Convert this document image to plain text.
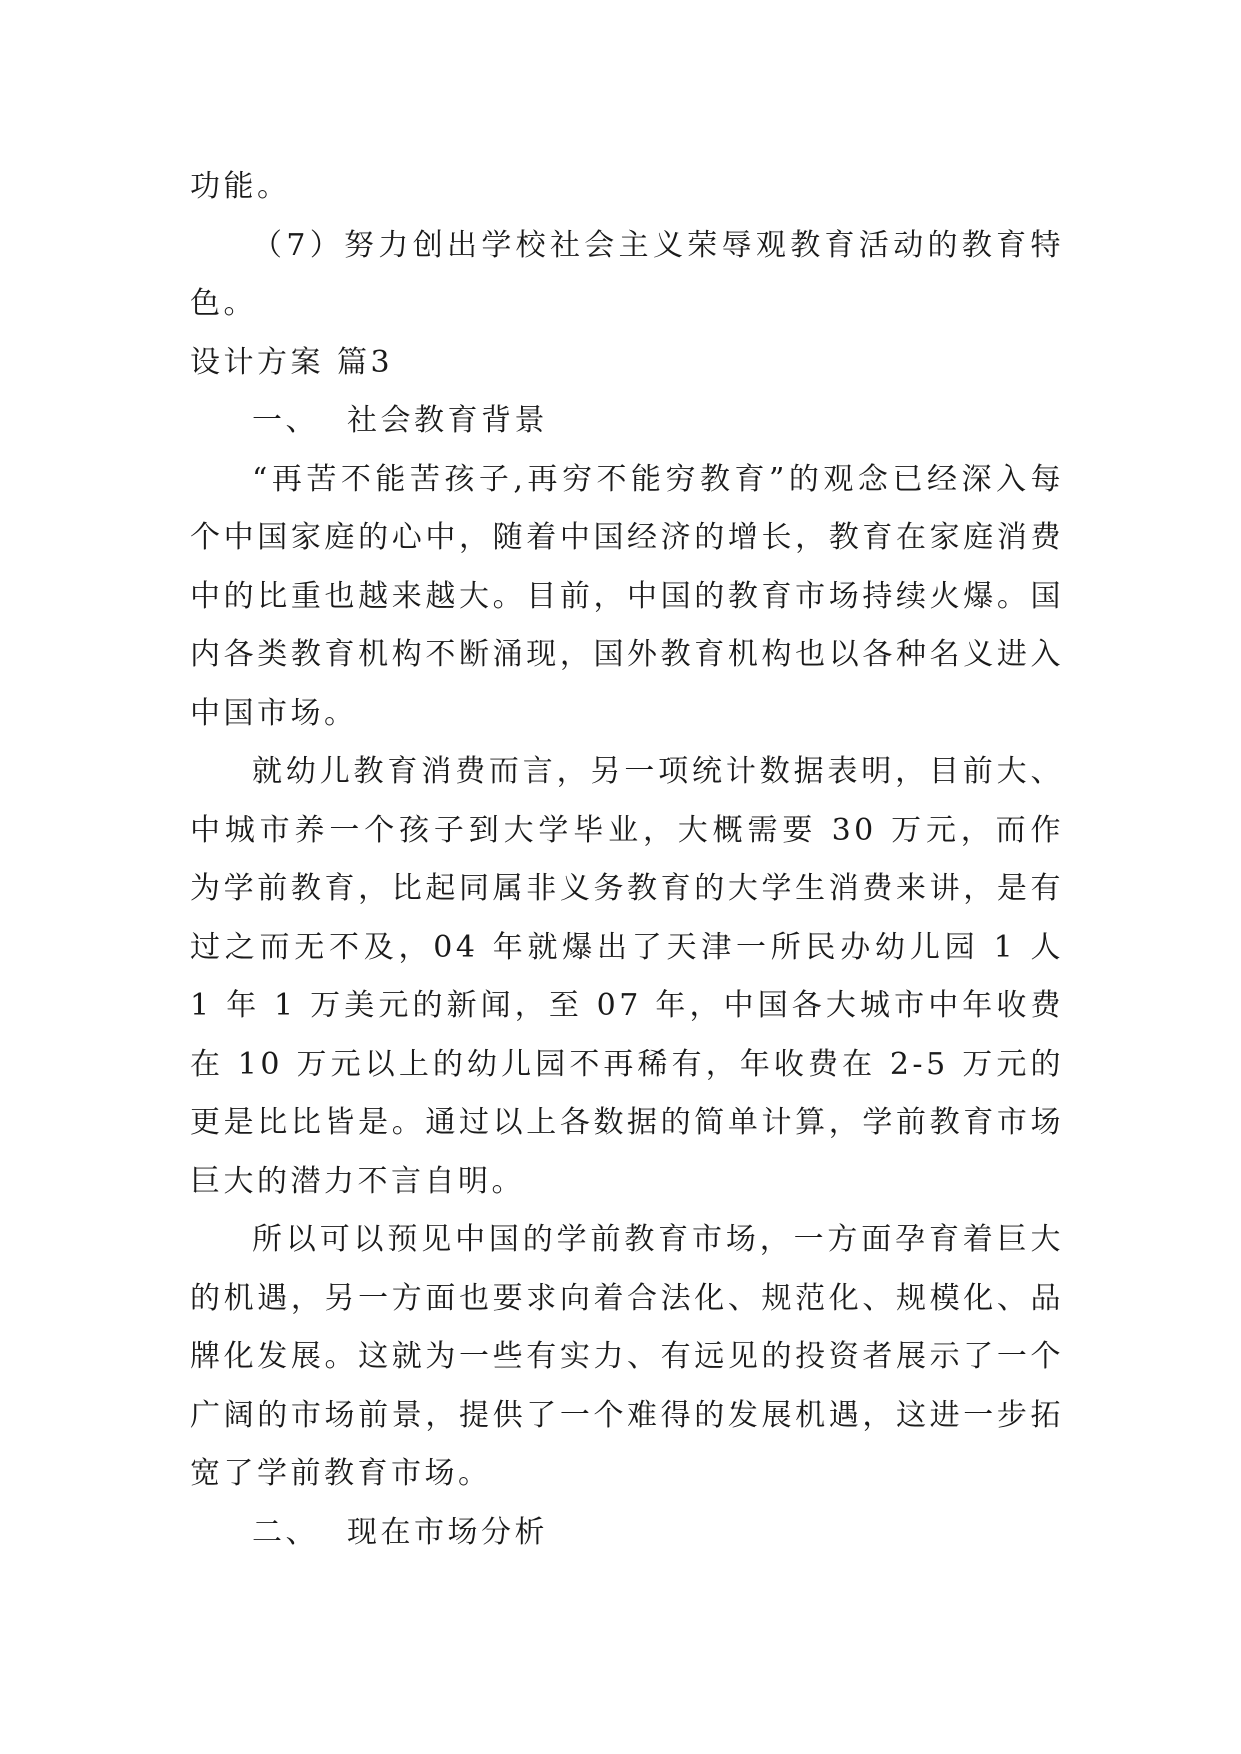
功能。

（7）努力创出学校社会主义荣辱观教育活动的教育特色。

设计方案 篇3

一、 社会教育背景

“再苦不能苦孩子,再穷不能穷教育”的观念已经深入每个中国家庭的心中，随着中国经济的增长，教育在家庭消费中的比重也越来越大。目前，中国的教育市场持续火爆。国内各类教育机构不断涌现，国外教育机构也以各种名义进入中国市场。

就幼儿教育消费而言，另一项统计数据表明，目前大、中城市养一个孩子到大学毕业，大概需要 30 万元，而作为学前教育，比起同属非义务教育的大学生消费来讲，是有过之而无不及，04 年就爆出了天津一所民办幼儿园 1 人 1 年 1 万美元的新闻，至 07 年，中国各大城市中年收费在 10 万元以上的幼儿园不再稀有，年收费在 2-5 万元的更是比比皆是。通过以上各数据的简单计算，学前教育市场巨大的潜力不言自明。

所以可以预见中国的学前教育市场，一方面孕育着巨大的机遇，另一方面也要求向着合法化、规范化、规模化、品牌化发展。这就为一些有实力、有远见的投资者展示了一个广阔的市场前景，提供了一个难得的发展机遇，这进一步拓宽了学前教育市场。

二、 现在市场分析
